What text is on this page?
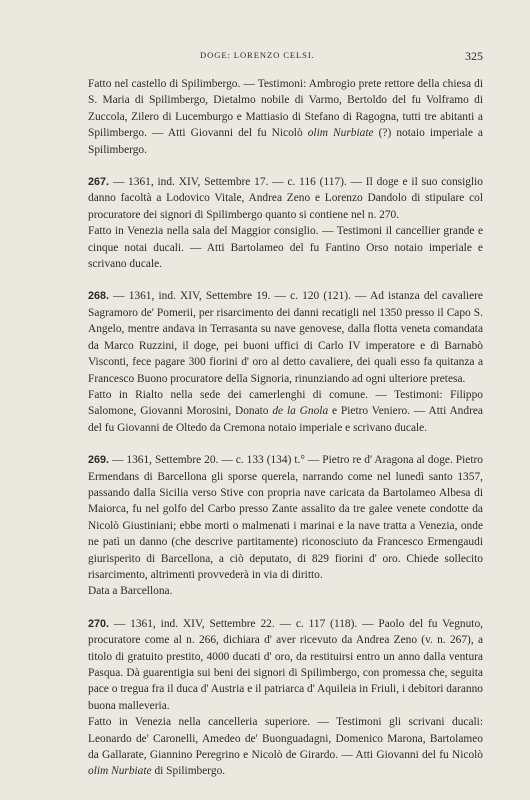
DOGE: LORENZO CELSI.	325

Fatto nel castello di Spilimbergo. — Testimoni: Ambrogio prete rettore della chiesa di S. Maria di Spilimbergo, Dietalmo nobile di Varmo, Bertoldo del fu Volframo di Zuccola, Zilero di Lucemburgo e Mattiasio di Stefano di Ragogna, tutti tre abitanti a Spilimbergo. — Atti Giovanni del fu Nicolò olim Nurbiate (?) notaio imperiale a Spilimbergo.

267. — 1361, ind. XIV, Settembre 17. — c. 116 (117). — Il doge e il suo consiglio danno facoltà a Lodovico Vitale, Andrea Zeno e Lorenzo Dandolo di stipulare col procuratore dei signori di Spilimbergo quanto si contiene nel n. 270.

Fatto in Venezia nella sala del Maggior consiglio. — Testimoni il cancellier grande e cinque notai ducali. — Atti Bartolameo del fu Fantino Orso notaio imperiale e scrivano ducale.

268. — 1361, ind. XIV, Settembre 19. — c. 120 (121). — Ad istanza del cavaliere Sagramoro de' Pomerii, per risarcimento dei danni recatigli nel 1350 presso il Capo S. Angelo, mentre andava in Terrasanta su nave genovese, dalla flotta veneta comandata da Marco Ruzzini, il doge, pei buoni uffici di Carlo IV imperatore e di Barnabò Visconti, fece pagare 300 fiorini d' oro al detto cavaliere, dei quali esso fa quitanza a Francesco Buono procuratore della Signoria, rinunziando ad ogni ulteriore pretesa.

Fatto in Rialto nella sede dei camerlenghi di comune. — Testimoni: Filippo Salomone, Giovanni Morosini, Donato de la Gnola e Pietro Veniero. — Atti Andrea del fu Giovanni de Oltedo da Cremona notaio imperiale e scrivano ducale.

269. — 1361, Settembre 20. — c. 133 (134) t.° — Pietro re d' Aragona al doge. Pietro Ermendans di Barcellona gli sporse querela, narrando come nel lunedì santo 1357, passando dalla Sicilia verso Stive con propria nave caricata da Bartolameo Albesa di Maiorca, fu nel golfo del Carbo presso Zante assalito da tre galee venete condotte da Nicolò Giustiniani; ebbe morti o malmenati i marinai e la nave tratta a Venezia, onde ne patì un danno (che descrive partitamente) riconosciuto da Francesco Ermengaudi giurisperito di Barcellona, a ciò deputato, di 829 fiorini d' oro. Chiede sollecito risarcimento, altrimenti provvederà in via di diritto.

Data a Barcellona.

270. — 1361, ind. XIV, Settembre 22. — c. 117 (118). — Paolo del fu Vegnuto, procuratore come al n. 266, dichiara d' aver ricevuto da Andrea Zeno (v. n. 267), a titolo di gratuito prestito, 4000 ducati d' oro, da restituirsi entro un anno dalla ventura Pasqua. Dà guarentigia sui beni dei signori di Spilimbergo, con promessa che, seguita pace o tregua fra il duca d' Austria e il patriarca d' Aquileia in Friuli, i debitori daranno buona malleveria.

Fatto in Venezia nella cancelleria superiore. — Testimoni gli scrivani ducali: Leonardo de' Caronelli, Amedeo de' Buonguadagni, Domenico Marona, Bartolameo da Gallarate, Giannino Peregrino e Nicolò de Girardo. — Atti Giovanni del fu Nicolò olim Nurbiate di Spilimbergo.
